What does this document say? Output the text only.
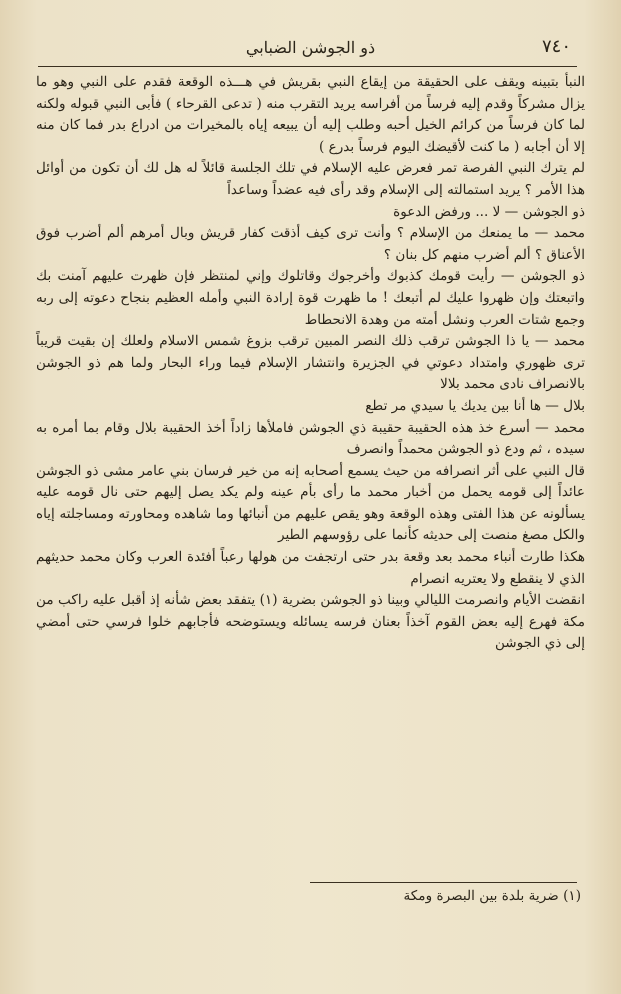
٧٤٠
ذو الجوشن الضبابي

النبأ بتبينه ويقف على الحقيقة من إيقاع النبي بقريش في هـــذه الوقعة فقدم على النبي وهو ما يزال مشركاً وقدم إليه فرساً من أفراسه يريد التقرب منه ( تدعى القرحاء ) فأبى النبي قبوله ولكنه لما كان فرساً من كرائم الخيل أحبه وطلب إليه أن يبيعه إياه بالمخيرات من ادراع بدر فما كان منه إلا أن أجابه ( ما كنت لأقيضك اليوم فرساً بدرع )

لم يترك النبي الفرصة تمر فعرض عليه الإسلام في تلك الجلسة قائلاً له هل لك أن تكون من أوائل هذا الأمر ؟ يريد استمالته إلى الإسلام وقد رأى فيه عضداً وساعداً

ذو الجوشن — لا ... ورفض الدعوة

محمد — ما يمنعك من الإسلام ؟ وأنت ترى كيف أذقت كفار قريش وبال أمرهم ألم أضرب فوق الأعناق ؟ ألم أضرب منهم كل بنان ؟

ذو الجوشن — رأيت قومك كذبوك وأخرجوك وقاتلوك وإني لمنتظر فإن ظهرت عليهم آمنت بك واتبعتك وإن ظهروا عليك لم أتبعك ! ما ظهرت قوة إرادة النبي وأمله العظيم بنجاح دعوته إلى ربه وجمع شتات العرب ونشل أمته من وهدة الانحطاط

محمد — يا ذا الجوشن ترقب ذلك النصر المبين ترقب بزوغ شمس الاسلام ولعلك إن بقيت قريباً ترى ظهوري وامتداد دعوتي في الجزيرة وانتشار الإسلام فيما وراء البحار ولما هم ذو الجوشن بالانصراف نادى محمد بلالا

بلال — ها أنا بين يديك يا سيدي مر تطع

محمد — أسرع خذ هذه الحقيبة حقيبة ذي الجوشن فاملأها زاداً أخذ الحقيبة بلال وقام بما أمره به سيده ، ثم ودع ذو الجوشن محمداً وانصرف

قال النبي على أثر انصرافه من حيث يسمع أصحابه إنه من خير فرسان بني عامر مشى ذو الجوشن عائداً إلى قومه يحمل من أخبار محمد ما رأى بأم عينه ولم يكد يصل إليهم حتى نال قومه عليه يسألونه عن هذا الفتى وهذه الوقعة وهو يقص عليهم من أنبائها وما شاهده ومحاورته ومساجلته إياه والكل مصغ منصت إلى حديثه كأنما على رؤوسهم الطير

هكذا طارت أنباء محمد بعد وقعة بدر حتى ارتجفت من هولها رعباً أفئدة العرب وكان محمد حديثهم الذي لا ينقطع ولا يعتريه انصرام

انقضت الأيام وانصرمت الليالي وبينا ذو الجوشن بضرية (١) يتفقد بعض شأنه إذ أقبل عليه راكب من مكة فهرع إليه بعض القوم آخذاً بعنان فرسه يسائله ويستوضحه فأجابهم خلوا فرسي حتى أمضي إلى ذي الجوشن

(١) ضرية بلدة بين البصرة ومكة
